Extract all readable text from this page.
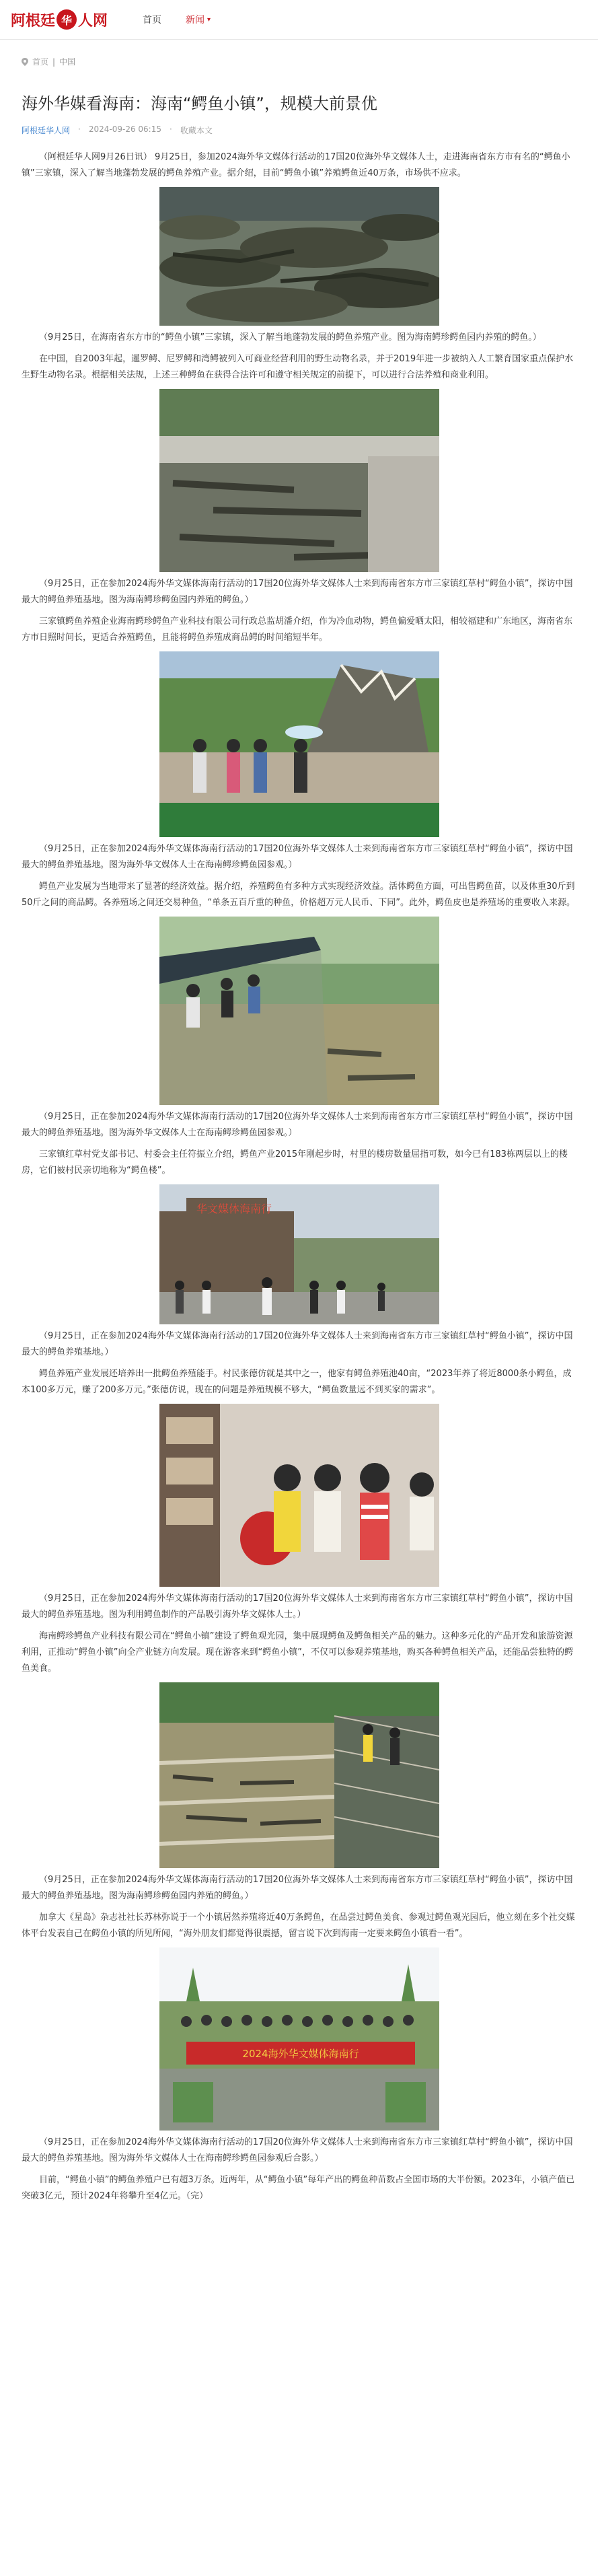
阿根廷 华 人网	首页	新闻 ▾
首页 | 中国
海外华媒看海南：海南“鳄鱼小镇”，规模大前景优
阿根廷华人网 · 2024-09-26 06:15 · 收藏本文

（阿根廷华人网9月26日讯） 9月25日，参加2024海外华文媒体行活动的17国20位海外华文媒体人士，走进海南省东方市有名的“鳄鱼小镇”三家镇，深入了解当地蓬勃发展的鳄鱼养殖产业。据介绍，目前“鳄鱼小镇”养殖鳄鱼近40万条，市场供不应求。

（9月25日，在海南省东方市的“鳄鱼小镇”三家镇，深入了解当地蓬勃发展的鳄鱼养殖产业。图为海南鳄珍鳄鱼园内养殖的鳄鱼。）

在中国，自2003年起，暹罗鳄、尼罗鳄和湾鳄被列入可商业经营利用的野生动物名录，并于2019年进一步被纳入人工繁育国家重点保护水生野生动物名录。根据相关法规，上述三种鳄鱼在获得合法许可和遵守相关规定的前提下，可以进行合法养殖和商业利用。

（9月25日，正在参加2024海外华文媒体海南行活动的17国20位海外华文媒体人士来到海南省东方市三家镇红草村“鳄鱼小镇”，探访中国最大的鳄鱼养殖基地。图为海南鳄珍鳄鱼园内养殖的鳄鱼。）

三家镇鳄鱼养殖企业海南鳄珍鳄鱼产业科技有限公司行政总监胡潘介绍，作为冷血动物，鳄鱼偏爱晒太阳，相较福建和广东地区，海南省东方市日照时间长，更适合养殖鳄鱼，且能将鳄鱼养殖成商品鳄的时间缩短半年。

（9月25日，正在参加2024海外华文媒体海南行活动的17国20位海外华文媒体人士来到海南省东方市三家镇红草村“鳄鱼小镇”，探访中国最大的鳄鱼养殖基地。图为海外华文媒体人士在海南鳄珍鳄鱼园参观。）

鳄鱼产业发展为当地带来了显著的经济效益。据介绍，养殖鳄鱼有多种方式实现经济效益。活体鳄鱼方面，可出售鳄鱼苗，以及体重30斤到50斤之间的商品鳄。各养殖场之间还交易种鱼，“单条五百斤重的种鱼，价格超万元人民币、下同”。此外，鳄鱼皮也是养殖场的重要收入来源。

（9月25日，正在参加2024海外华文媒体海南行活动的17国20位海外华文媒体人士来到海南省东方市三家镇红草村“鳄鱼小镇”，探访中国最大的鳄鱼养殖基地。图为海外华文媒体人士在海南鳄珍鳄鱼园参观。）

三家镇红草村党支部书记、村委会主任符振立介绍，鳄鱼产业2015年刚起步时，村里的楼房数量屈指可数，如今已有183栋两层以上的楼房，它们被村民亲切地称为“鳄鱼楼”。

华文媒体海南行
（9月25日，正在参加2024海外华文媒体海南行活动的17国20位海外华文媒体人士来到海南省东方市三家镇红草村“鳄鱼小镇”，探访中国最大的鳄鱼养殖基地。）

鳄鱼养殖产业发展还培养出一批鳄鱼养殖能手。村民张德仿就是其中之一，他家有鳄鱼养殖池40亩，“2023年养了将近8000条小鳄鱼，成本100多万元，赚了200多万元。”张德仿说，现在的问题是养殖规模不够大，“鳄鱼数量远不到买家的需求”。

（9月25日，正在参加2024海外华文媒体海南行活动的17国20位海外华文媒体人士来到海南省东方市三家镇红草村“鳄鱼小镇”，探访中国最大的鳄鱼养殖基地。图为利用鳄鱼制作的产品吸引海外华文媒体人士。）

海南鳄珍鳄鱼产业科技有限公司在“鳄鱼小镇”建设了鳄鱼观光园，集中展现鳄鱼及鳄鱼相关产品的魅力。这种多元化的产品开发和旅游资源利用，正推动“鳄鱼小镇”向全产业链方向发展。现在游客来到“鳄鱼小镇”，不仅可以参观养殖基地，购买各种鳄鱼相关产品，还能品尝独特的鳄鱼美食。

（9月25日，正在参加2024海外华文媒体海南行活动的17国20位海外华文媒体人士来到海南省东方市三家镇红草村“鳄鱼小镇”，探访中国最大的鳄鱼养殖基地。图为海南鳄珍鳄鱼园内养殖的鳄鱼。）

加拿大《星岛》杂志社社长苏林弥说于一个小镇居然养殖将近40万条鳄鱼，在品尝过鳄鱼美食、参观过鳄鱼观光园后，他立刻在多个社交媒体平台发表自己在鳄鱼小镇的所见所闻，“海外朋友们都觉得很震撼，留言说下次到海南一定要来鳄鱼小镇看一看”。

2024海外华文媒体海南行
（9月25日，正在参加2024海外华文媒体海南行活动的17国20位海外华文媒体人士来到海南省东方市三家镇红草村“鳄鱼小镇”，探访中国最大的鳄鱼养殖基地。图为海外华文媒体人士在海南鳄珍鳄鱼园参观后合影。）

目前，“鳄鱼小镇”的鳄鱼养殖户已有超3万条。近两年，从“鳄鱼小镇”每年产出的鳄鱼种苗数占全国市场的大半份额。2023年，小镇产值已突破3亿元，预计2024年将攀升至4亿元。（完）
